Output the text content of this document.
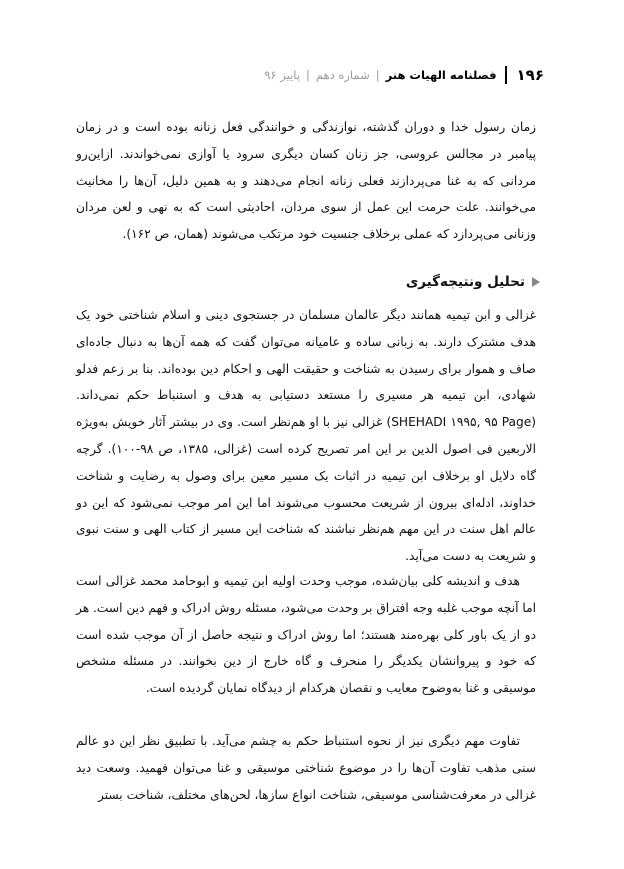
۱۹۶
فصلنامه الهیات هنر
|
شماره دهم
|
پاییز ۹۶

زمان رسول خدا و دوران گذشته، نوازندگی و خوانندگی فعل زنانه بوده است و در زمان پیامبر در مجالس عروسی، جز زنان کسان دیگری سرود یا آوازی نمی‌خواندند. ازاین‌رو مردانی که به غنا می‌پردازند فعلی زنانه انجام می‌دهند و به همین دلیل، آن‌ها را مخانیث می‌خوانند. علت حرمت این عمل از سوی مردان، احادیثی است که به نهی و لعن مردان وزنانی می‌پردازد که عملی برخلاف جنسیت خود مرتکب می‌شوند (همان، ص ۱۶۲).

تحلیل ونتیجه‌گیری

غزالی و ابن تیمیه همانند دیگر عالمان مسلمان در جستجوی دینی و اسلام شناختی خود یک هدف مشترک دارند. به زبانی ساده و عامیانه می‌توان گفت که همه آن‌ها به دنبال جاده‌ای صاف و هموار برای رسیدن به شناخت و حقیقت الهی و احکام دین بوده‌اند. بنا بر زعم فدلو شهادی، ابن تیمیه هر مسیری را مستعد دستیابی به هدف و استنباط حکم نمی‌داند. (SHEHADI ۱۹۹۵, ۹۵ Page) غزالی نیز با او هم‌نظر است. وی در بیشتر آثار خویش به‌ویژه الاربعین فی اصول الدین بر این امر تصریح کرده است (غزالی، ۱۳۸۵، ص ۹۸-۱۰۰). گرچه گاه دلایل او برخلاف ابن تیمیه در اثبات یک مسیر معین برای وصول به رضایت و شناخت خداوند، ادله‌ای بیرون از شریعت محسوب می‌شوند اما این امر موجب نمی‌شود که این دو عالم اهل سنت در این مهم هم‌نظر نباشند که شناخت این مسیر از کتاب الهی و سنت نبوی و شریعت به دست می‌آید.

هدف و اندیشه کلی بیان‌شده، موجب وحدت اولیه ابن تیمیه و ابوحامد محمد غزالی است اما آنچه موجب غلبه وجه افتراق بر وحدت می‌شود، مسئله روش ادراک و فهم دین است. هر دو از یک باور کلی بهره‌مند هستند؛ اما روش ادراک و نتیجه حاصل از آن موجب شده است که خود و پیروانشان یکدیگر را منحرف و گاه خارج از دین بخوانند. در مسئله مشخص موسیقی و غنا به‌وضوح معایب و نقصان هرکدام از دیدگاه نمایان گردیده است.

تفاوت مهم دیگری نیز از نحوه استنباط حکم به چشم می‌آید. با تطبیق نظر این دو عالم سنی مذهب تفاوت آن‌ها را در موضوع شناختی موسیقی و غنا می‌توان فهمید. وسعت دید غزالی در معرفت‌شناسی موسیقی، شناخت انواع سازها، لحن‌های مختلف، شناخت بستر
